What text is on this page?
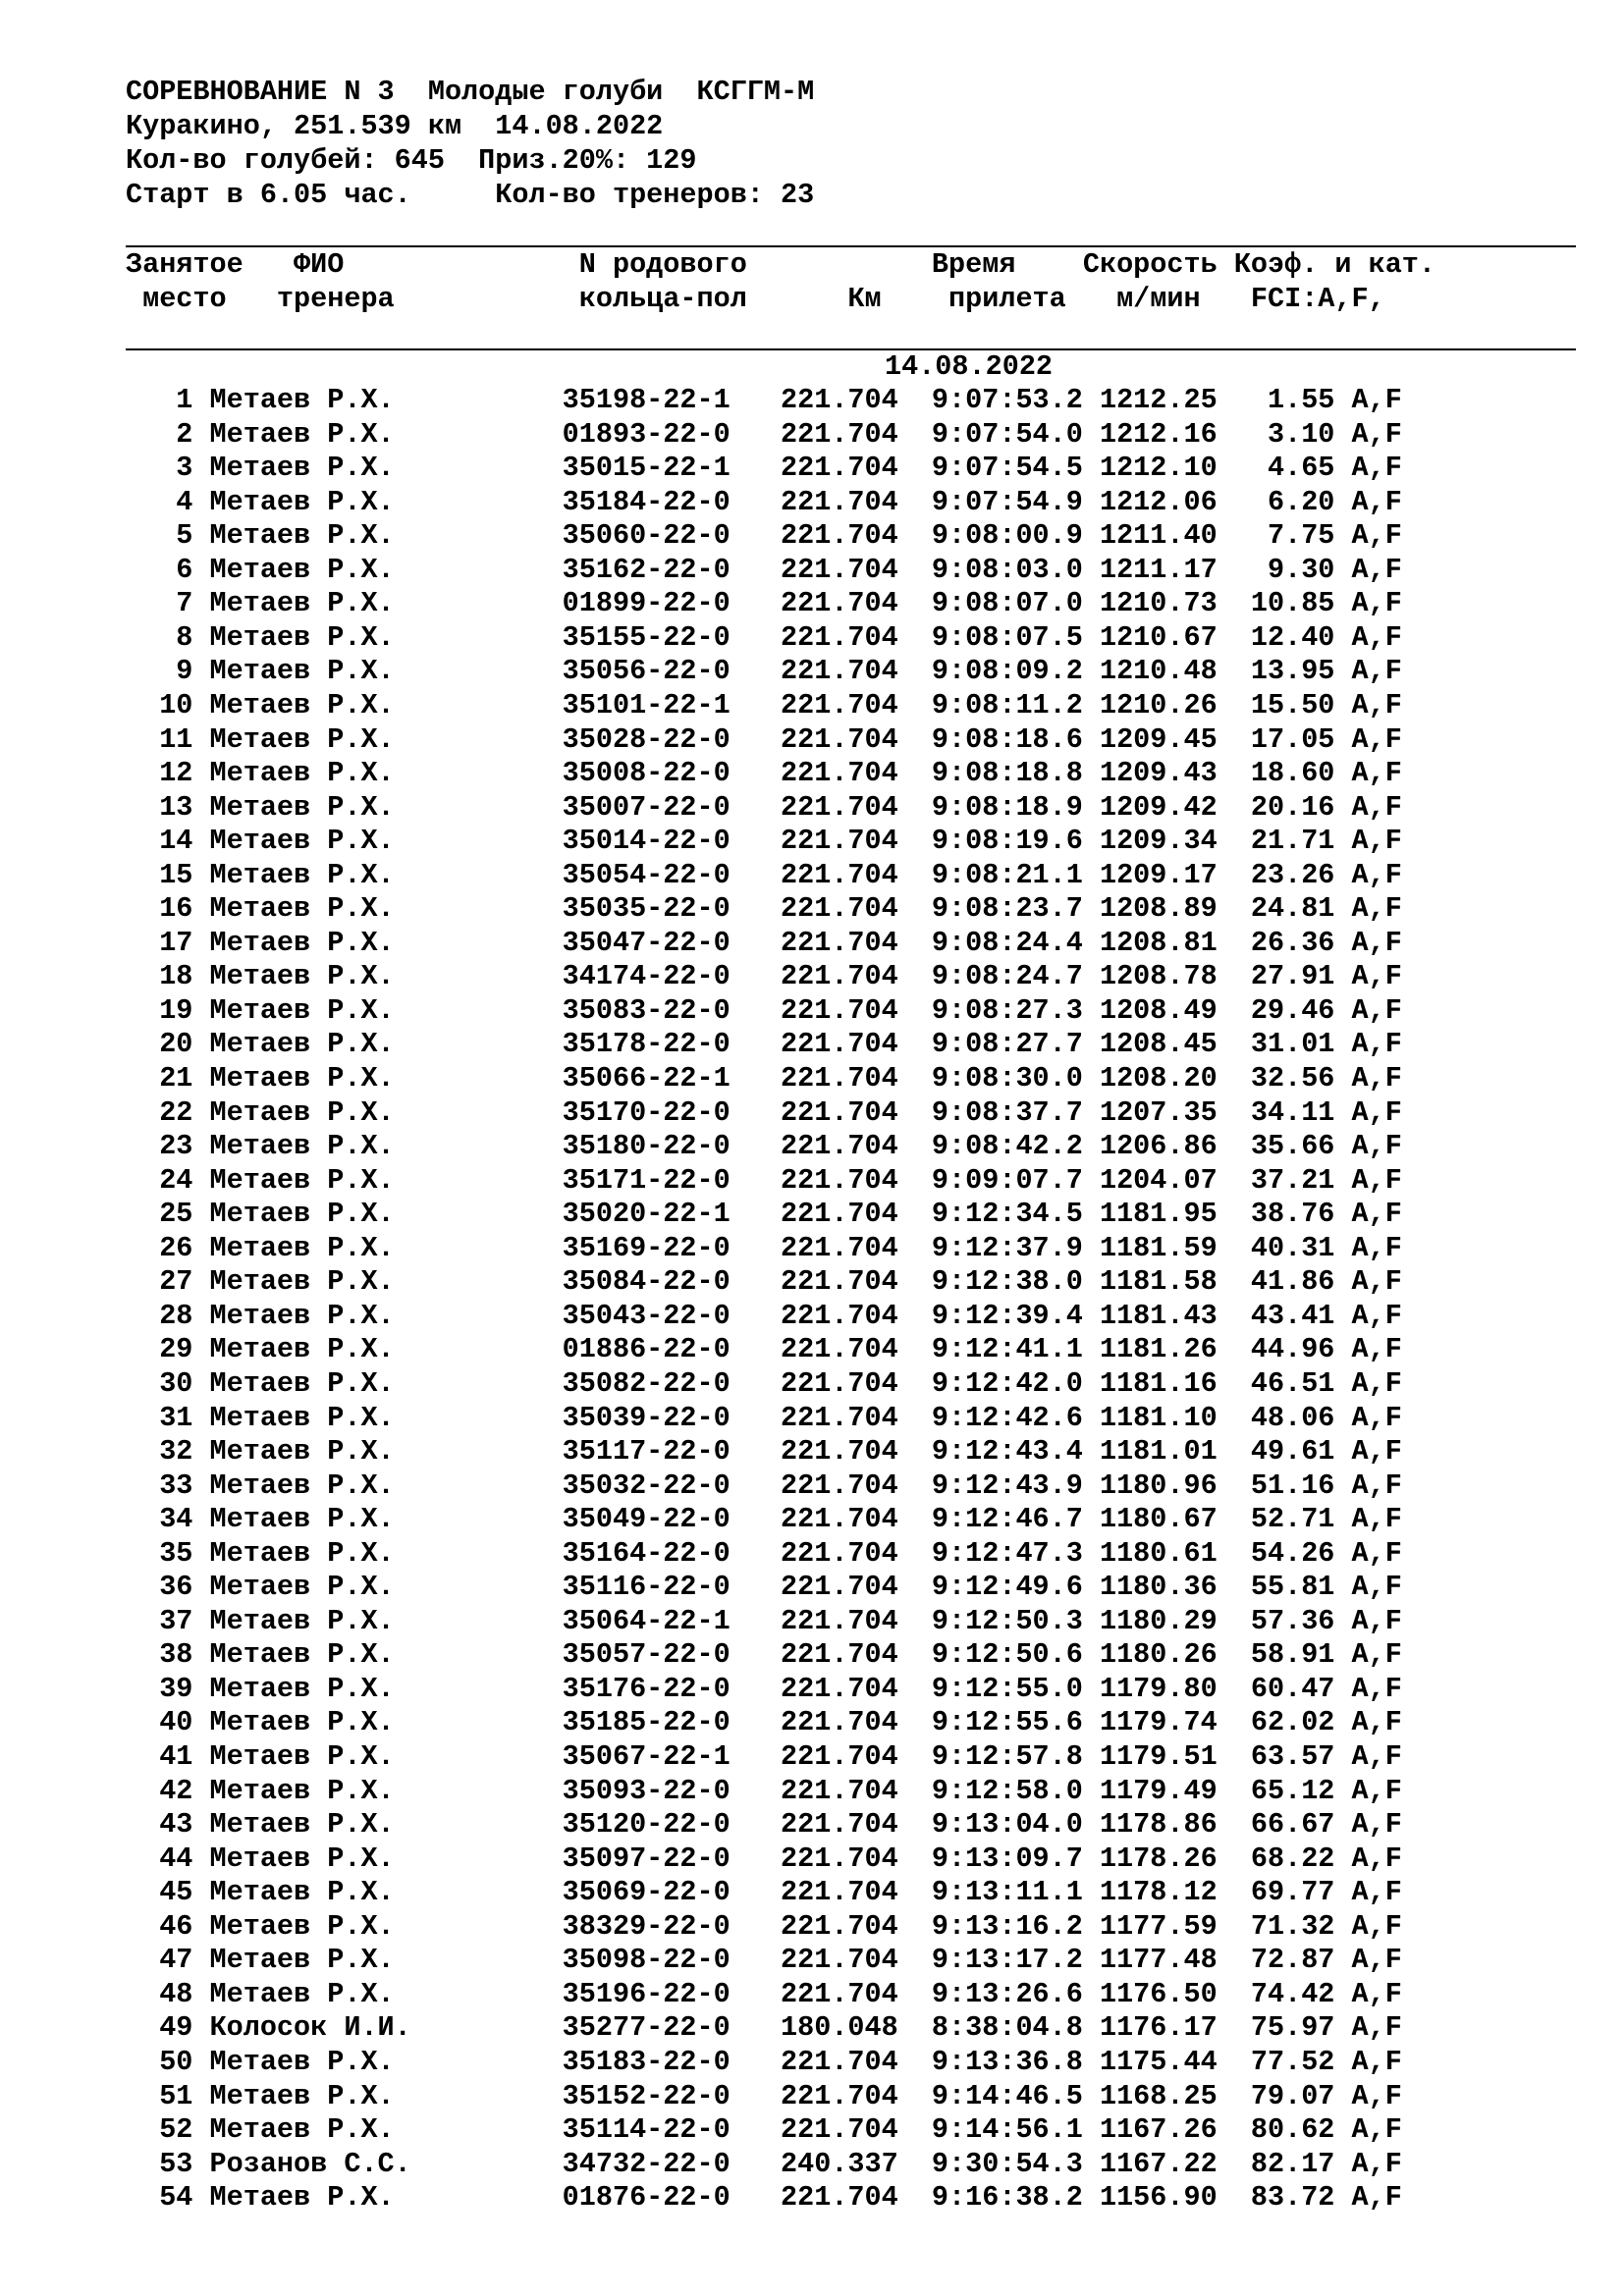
СОРЕВНОВАНИЕ N 3  Молодые голуби  КСГГМ-М
Куракино, 251.539 км  14.08.2022
Кол-во голубей: 645  Приз.20%: 129
Старт в 6.05 час.     Кол-во тренеров: 23
Занятое   ФИО              N родового           Время    Скорость Коэф. и кат.
место   тренера           кольца-пол      Км    прилета   м/мин   FCI:A,F,
14.08.2022
1 Метаев Р.Х.          35198-22-1   221.704  9:07:53.2 1212.25   1.55 A,F
2 Метаев Р.Х.          01893-22-0   221.704  9:07:54.0 1212.16   3.10 A,F
3 Метаев Р.Х.          35015-22-1   221.704  9:07:54.5 1212.10   4.65 A,F
4 Метаев Р.Х.          35184-22-0   221.704  9:07:54.9 1212.06   6.20 A,F
5 Метаев Р.Х.          35060-22-0   221.704  9:08:00.9 1211.40   7.75 A,F
6 Метаев Р.Х.          35162-22-0   221.704  9:08:03.0 1211.17   9.30 A,F
7 Метаев Р.Х.          01899-22-0   221.704  9:08:07.0 1210.73  10.85 A,F
8 Метаев Р.Х.          35155-22-0   221.704  9:08:07.5 1210.67  12.40 A,F
9 Метаев Р.Х.          35056-22-0   221.704  9:08:09.2 1210.48  13.95 A,F
10 Метаев Р.Х.          35101-22-1   221.704  9:08:11.2 1210.26  15.50 A,F
11 Метаев Р.Х.          35028-22-0   221.704  9:08:18.6 1209.45  17.05 A,F
12 Метаев Р.Х.          35008-22-0   221.704  9:08:18.8 1209.43  18.60 A,F
13 Метаев Р.Х.          35007-22-0   221.704  9:08:18.9 1209.42  20.16 A,F
14 Метаев Р.Х.          35014-22-0   221.704  9:08:19.6 1209.34  21.71 A,F
15 Метаев Р.Х.          35054-22-0   221.704  9:08:21.1 1209.17  23.26 A,F
16 Метаев Р.Х.          35035-22-0   221.704  9:08:23.7 1208.89  24.81 A,F
17 Метаев Р.Х.          35047-22-0   221.704  9:08:24.4 1208.81  26.36 A,F
18 Метаев Р.Х.          34174-22-0   221.704  9:08:24.7 1208.78  27.91 A,F
19 Метаев Р.Х.          35083-22-0   221.704  9:08:27.3 1208.49  29.46 A,F
20 Метаев Р.Х.          35178-22-0   221.704  9:08:27.7 1208.45  31.01 A,F
21 Метаев Р.Х.          35066-22-1   221.704  9:08:30.0 1208.20  32.56 A,F
22 Метаев Р.Х.          35170-22-0   221.704  9:08:37.7 1207.35  34.11 A,F
23 Метаев Р.Х.          35180-22-0   221.704  9:08:42.2 1206.86  35.66 A,F
24 Метаев Р.Х.          35171-22-0   221.704  9:09:07.7 1204.07  37.21 A,F
25 Метаев Р.Х.          35020-22-1   221.704  9:12:34.5 1181.95  38.76 A,F
26 Метаев Р.Х.          35169-22-0   221.704  9:12:37.9 1181.59  40.31 A,F
27 Метаев Р.Х.          35084-22-0   221.704  9:12:38.0 1181.58  41.86 A,F
28 Метаев Р.Х.          35043-22-0   221.704  9:12:39.4 1181.43  43.41 A,F
29 Метаев Р.Х.          01886-22-0   221.704  9:12:41.1 1181.26  44.96 A,F
30 Метаев Р.Х.          35082-22-0   221.704  9:12:42.0 1181.16  46.51 A,F
31 Метаев Р.Х.          35039-22-0   221.704  9:12:42.6 1181.10  48.06 A,F
32 Метаев Р.Х.          35117-22-0   221.704  9:12:43.4 1181.01  49.61 A,F
33 Метаев Р.Х.          35032-22-0   221.704  9:12:43.9 1180.96  51.16 A,F
34 Метаев Р.Х.          35049-22-0   221.704  9:12:46.7 1180.67  52.71 A,F
35 Метаев Р.Х.          35164-22-0   221.704  9:12:47.3 1180.61  54.26 A,F
36 Метаев Р.Х.          35116-22-0   221.704  9:12:49.6 1180.36  55.81 A,F
37 Метаев Р.Х.          35064-22-1   221.704  9:12:50.3 1180.29  57.36 A,F
38 Метаев Р.Х.          35057-22-0   221.704  9:12:50.6 1180.26  58.91 A,F
39 Метаев Р.Х.          35176-22-0   221.704  9:12:55.0 1179.80  60.47 A,F
40 Метаев Р.Х.          35185-22-0   221.704  9:12:55.6 1179.74  62.02 A,F
41 Метаев Р.Х.          35067-22-1   221.704  9:12:57.8 1179.51  63.57 A,F
42 Метаев Р.Х.          35093-22-0   221.704  9:12:58.0 1179.49  65.12 A,F
43 Метаев Р.Х.          35120-22-0   221.704  9:13:04.0 1178.86  66.67 A,F
44 Метаев Р.Х.          35097-22-0   221.704  9:13:09.7 1178.26  68.22 A,F
45 Метаев Р.Х.          35069-22-0   221.704  9:13:11.1 1178.12  69.77 A,F
46 Метаев Р.Х.          38329-22-0   221.704  9:13:16.2 1177.59  71.32 A,F
47 Метаев Р.Х.          35098-22-0   221.704  9:13:17.2 1177.48  72.87 A,F
48 Метаев Р.Х.          35196-22-0   221.704  9:13:26.6 1176.50  74.42 A,F
49 Колосок И.И.         35277-22-0   180.048  8:38:04.8 1176.17  75.97 A,F
50 Метаев Р.Х.          35183-22-0   221.704  9:13:36.8 1175.44  77.52 A,F
51 Метаев Р.Х.          35152-22-0   221.704  9:14:46.5 1168.25  79.07 A,F
52 Метаев Р.Х.          35114-22-0   221.704  9:14:56.1 1167.26  80.62 A,F
53 Розанов С.С.         34732-22-0   240.337  9:30:54.3 1167.22  82.17 A,F
54 Метаев Р.Х.          01876-22-0   221.704  9:16:38.2 1156.90  83.72 A,F
